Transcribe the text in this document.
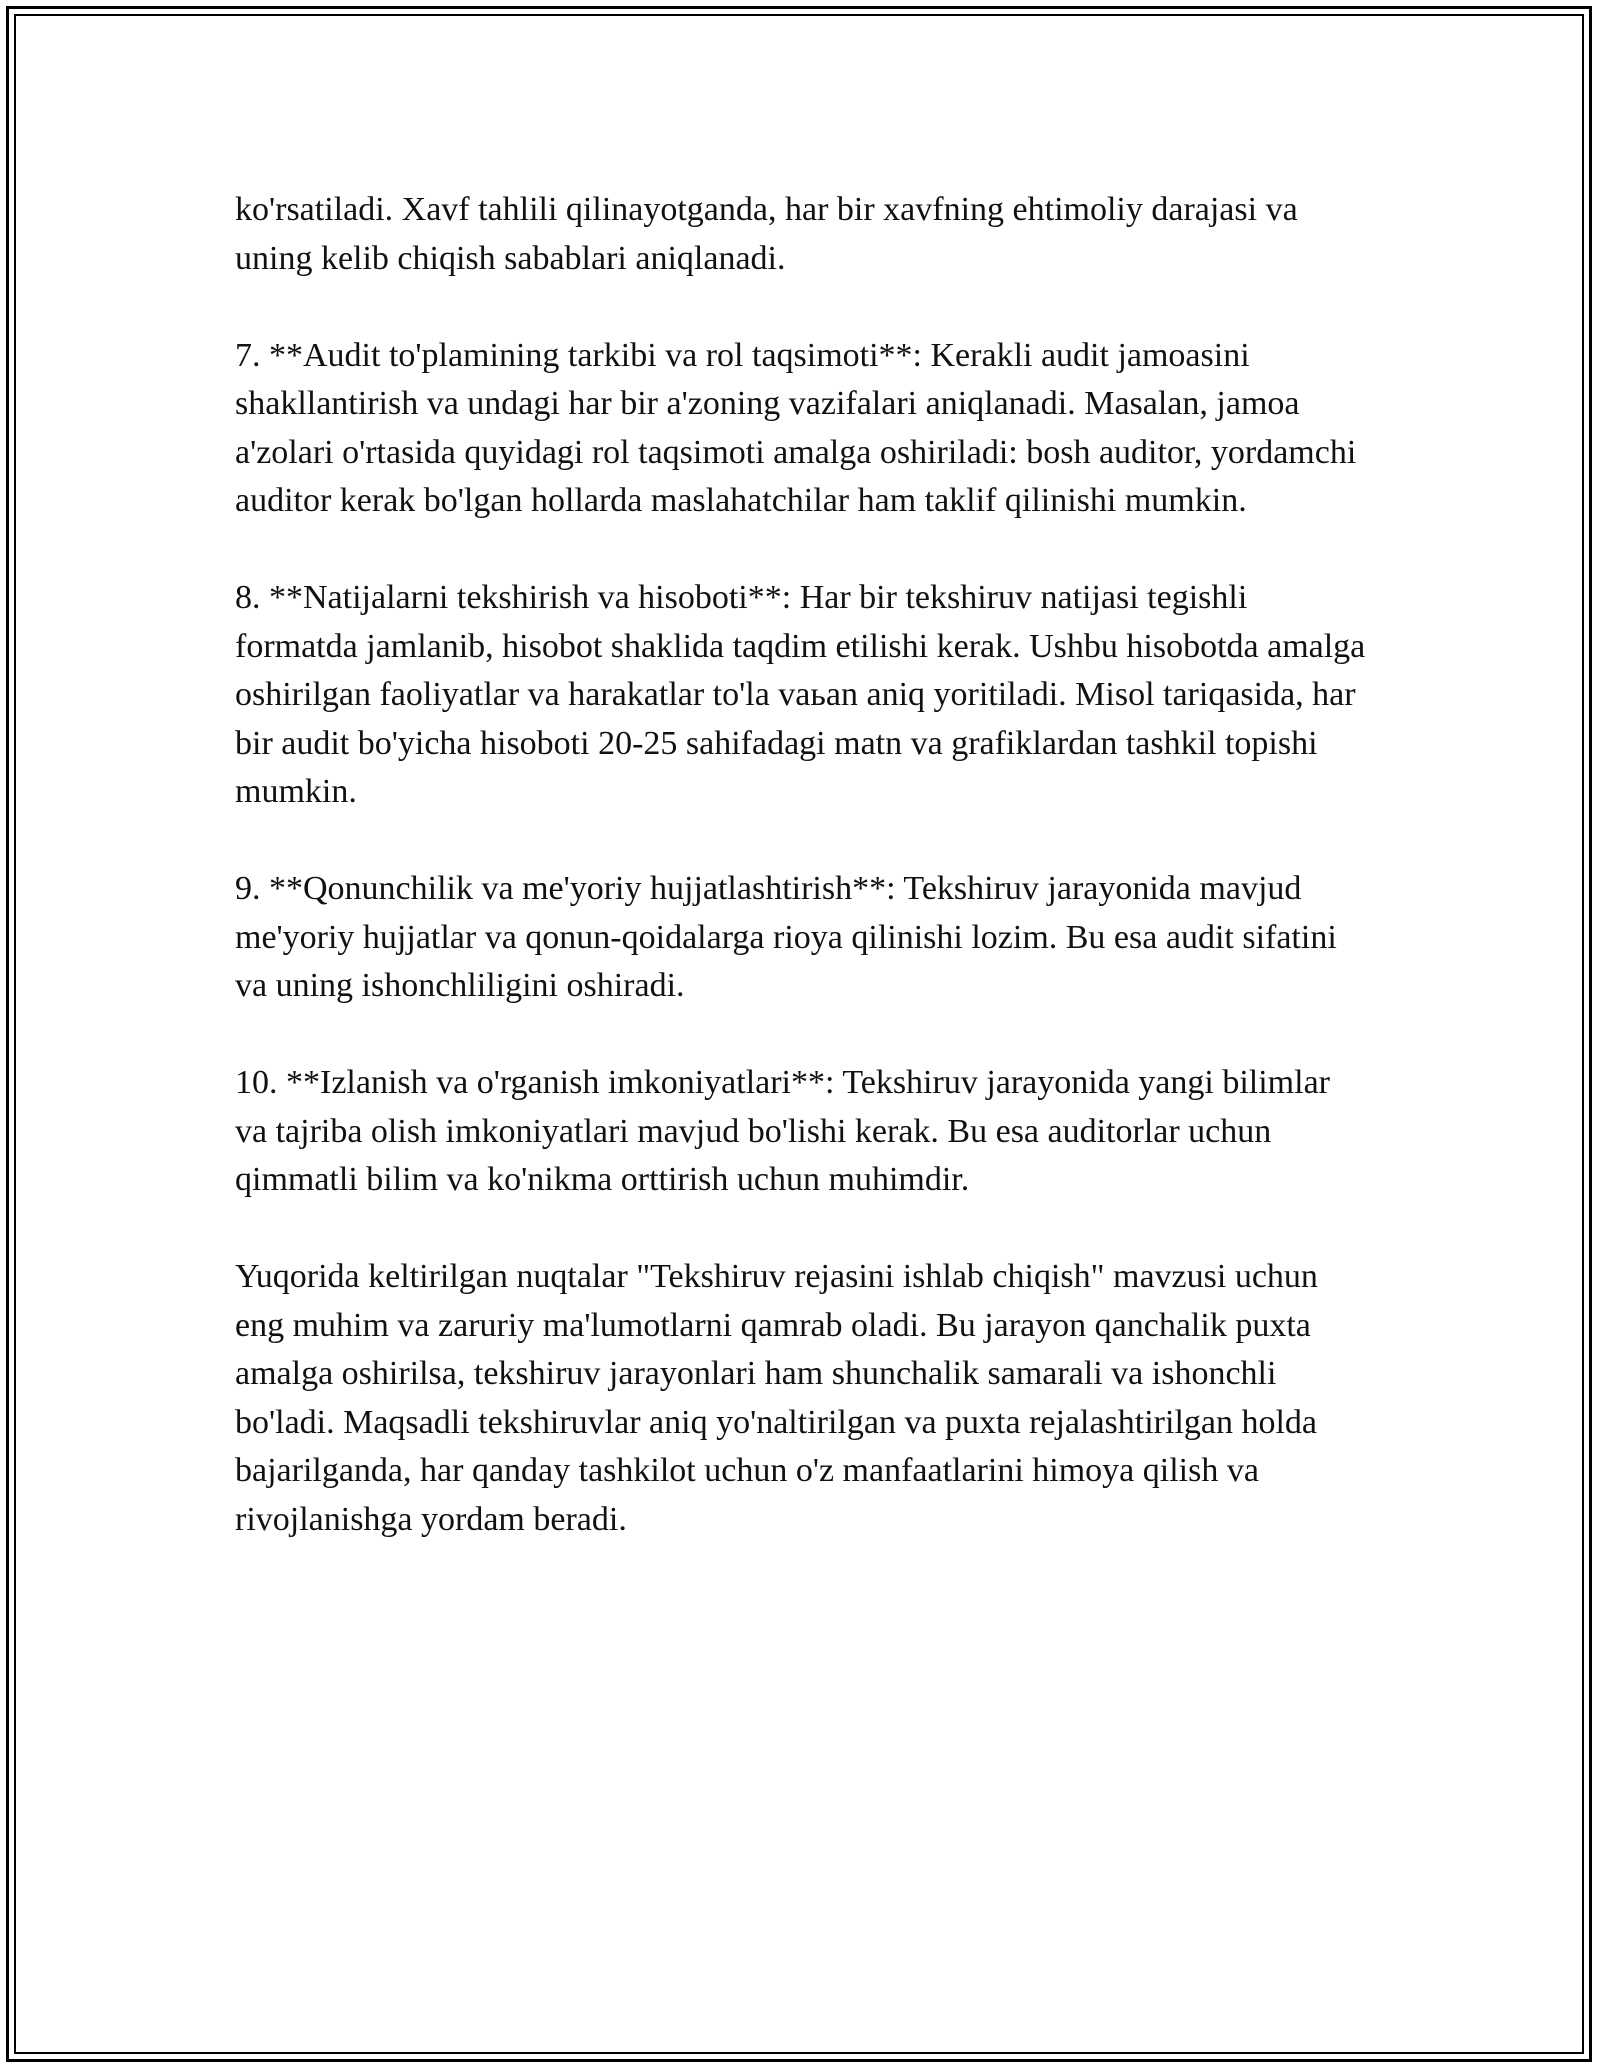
ko'rsatiladi. Xavf tahlili qilinayotganda, har bir xavfning ehtimoliy darajasi va uning kelib chiqish sabablari aniqlanadi.

7. **Audit to'plamining tarkibi va rol taqsimoti**: Kerakli audit jamoasini shakllantirish va undagi har bir a'zoning vazifalari aniqlanadi. Masalan, jamoa a'zolari o'rtasida quyidagi rol taqsimoti amalga oshiriladi: bosh auditor, yordamchi auditor kerak bo'lgan hollarda maslahatchilar ham taklif qilinishi mumkin.

8. **Natijalarni tekshirish va hisoboti**: Har bir tekshiruv natijasi tegishli formatda jamlanib, hisobot shaklida taqdim etilishi kerak. Ushbu hisobotda amalga oshirilgan faoliyatlar va harakatlar to'la vaьan aniq yoritiladi. Misol tariqasida, har bir audit bo'yicha hisoboti 20-25 sahifadagi matn va grafiklardan tashkil topishi mumkin.

9. **Qonunchilik va me'yoriy hujjatlashtirish**: Tekshiruv jarayonida mavjud me'yoriy hujjatlar va qonun-qoidalarga rioya qilinishi lozim. Bu esa audit sifatini va uning ishonchliligini oshiradi.

10. **Izlanish va o'rganish imkoniyatlari**: Tekshiruv jarayonida yangi bilimlar va tajriba olish imkoniyatlari mavjud bo'lishi kerak. Bu esa auditorlar uchun qimmatli bilim va ko'nikma orttirish uchun muhimdir.

Yuqorida keltirilgan nuqtalar "Tekshiruv rejasini ishlab chiqish" mavzusi uchun eng muhim va zaruriy ma'lumotlarni qamrab oladi. Bu jarayon qanchalik puxta amalga oshirilsa, tekshiruv jarayonlari ham shunchalik samarali va ishonchli bo'ladi. Maqsadli tekshiruvlar aniq yo'naltirilgan va puxta rejalashtirilgan holda bajarilganda, har qanday tashkilot uchun o'z manfaatlarini himoya qilish va rivojlanishga yordam beradi.
